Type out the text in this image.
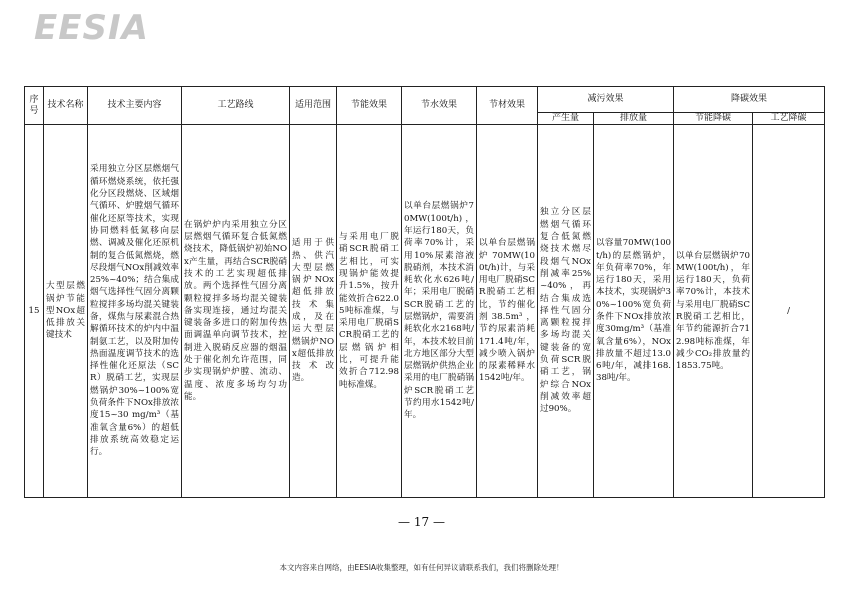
EESIA
序号	技术名称	技术主要内容	工艺路线	适用范围	节能效果	节水效果	节材效果	减污效果		降碳效果	
								产生量	排放量	节能降碳	工艺降碳
15	大型层燃锅炉节能型NOx超低排放关键技术	采用独立分区层燃烟气循环燃烧系统，依托强化分区段燃烧、区域烟气循环、炉膛烟气循环催化还原等技术，实现协同燃料低氮移向层燃、调减及催化还原机制的复合低氮燃烧，燃尽段烟气NOx削减效率25%~40%；结合集成烟气选择性气固分离颗粒搅拌多场均混关键装备，煤焦与尿素混合热解循环技术的炉内中温制氨工艺，以及附加传热面温度调节技术的选择性催化还原法（SCR）脱硝工艺，实现层燃锅炉30%~100%宽负荷条件下NOx排放浓度15~30 mg/m³（基准氧含量6%）的超低排放系统高效稳定运行。	在锅炉炉内采用独立分区层燃烟气循环复合低氮燃烧技术，降低锅炉初始NOx产生量，再结合SCR脱硝技术的工艺实现超低排放。两个选择性气固分离颗粒搅拌多场均混关键装备实现连接，通过均混关键装备多进口的附加传热面调温单向调节技术，控制进入脱硝反应器的烟温处于催化剂允许范围，同步实现锅炉炉膛、流动、温度、浓度多场均匀功能。	适用于供热、供汽大型层燃锅炉NOx超低排放技术集成，及在运大型层燃锅炉NOx超低排放技术改造。	与采用电厂脱硝SCR脱硝工艺相比，可实现锅炉能效提升1.5%，按升能效折合622.05吨标准煤，与采用电厂脱硝SCR脱硝工艺的层燃锅炉相比，可提升能效折合712.98吨标准煤。	以单台层燃锅炉70MW(100t/h)，年运行180天，负荷率70%计，采用10%尿素溶液脱硝剂，本技术消耗软化水626吨/年；采用电厂脱硝SCR脱硝工艺的层燃锅炉，需要消耗软化水2168吨/年，本技术较目前北方地区部分大型层燃锅炉供热企业采用的电厂脱硝锅炉SCR脱硝工艺节约用水1542吨/年。	以单台层燃锅炉70MW(100t/h)计，与采用电厂脱硝SCR脱硝工艺相比，节约催化剂38.5m³，节约尿素消耗171.4吨/年，减少喷入锅炉的尿素稀释水1542吨/年。	独立分区层燃烟气循环复合低氮燃烧技术燃尽段烟气NOx削减率25%~40%，再结合集成选择性气固分离颗粒搅拌多场均混关键装备的宽负荷SCR脱硝工艺，锅炉综合NOx削减效率超过90%。	以容量70MW(100t/h)的层燃锅炉，年负荷率70%，年运行180天，采用本技术，实现锅炉30%~100%宽负荷条件下NOx排放浓度30mg/m³（基准氧含量6%），NOx排放量不超过13.06吨/年，减排168.38吨/年。	以单台层燃锅炉70MW(100t/h)，年运行180天，负荷率70%计，本技术与采用电厂脱硝SCR脱硝工艺相比，年节约能源折合712.98吨标准煤，年减少CO₂排放量约1853.75吨。	/
— 17 —
本文内容来自网络，由EESIA收集整理，如有任何异议请联系我们，我们将删除处理！
